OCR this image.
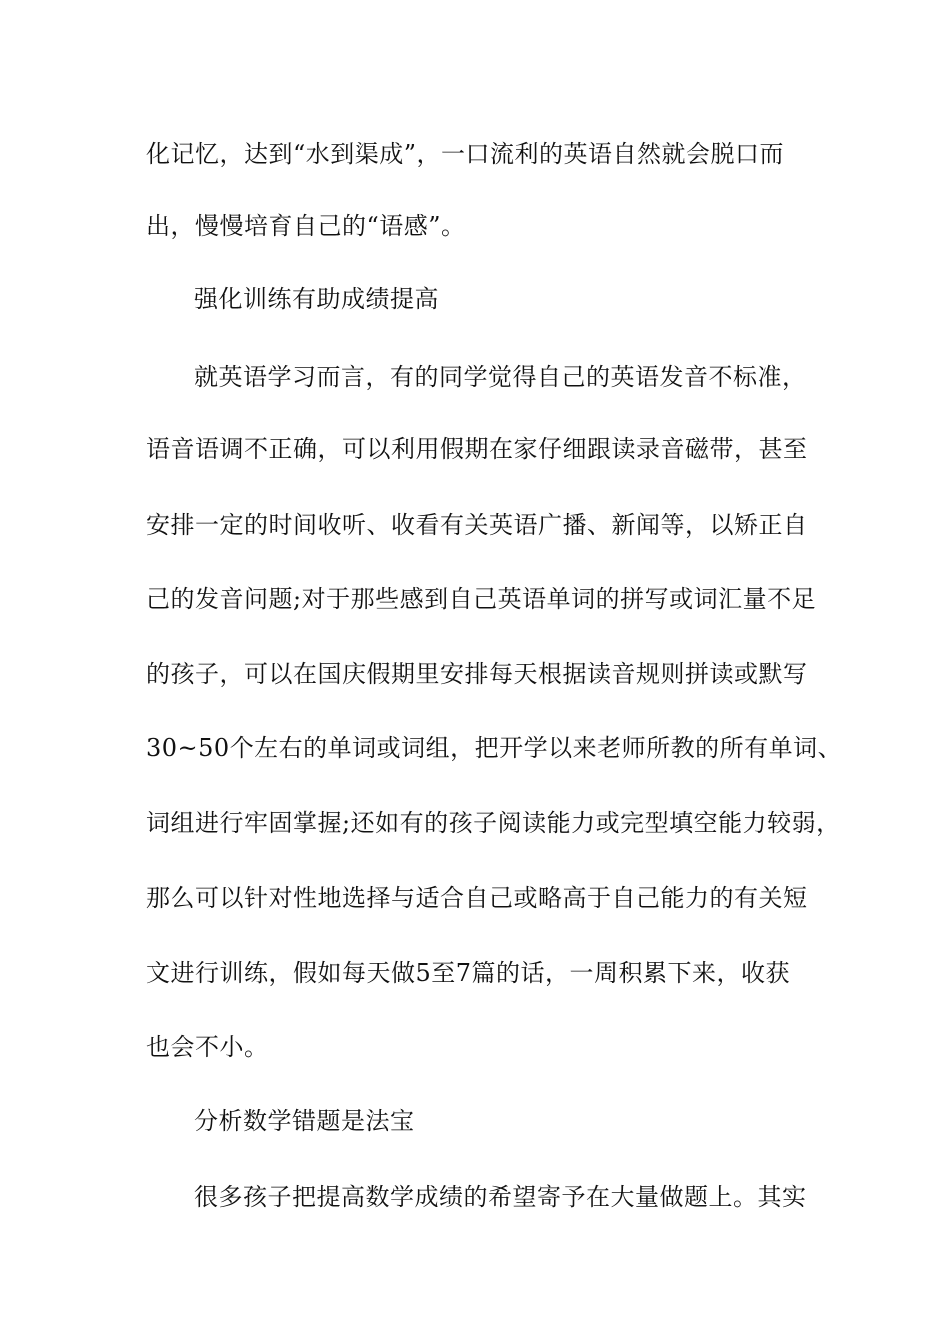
化记忆，达到“水到渠成”，一口流利的英语自然就会脱口而
出，慢慢培育自己的“语感”。
强化训练有助成绩提高
就英语学习而言，有的同学觉得自己的英语发音不标准，
语音语调不正确，可以利用假期在家仔细跟读录音磁带，甚至
安排一定的时间收听、收看有关英语广播、新闻等，以矫正自
己的发音问题;对于那些感到自己英语单词的拼写或词汇量不足
的孩子，可以在国庆假期里安排每天根据读音规则拼读或默写
30~50个左右的单词或词组，把开学以来老师所教的所有单词、
词组进行牢固掌握;还如有的孩子阅读能力或完型填空能力较弱，
那么可以针对性地选择与适合自己或略高于自己能力的有关短
文进行训练，假如每天做5至7篇的话，一周积累下来，收获
也会不小。
分析数学错题是法宝
很多孩子把提高数学成绩的希望寄予在大量做题上。其实
